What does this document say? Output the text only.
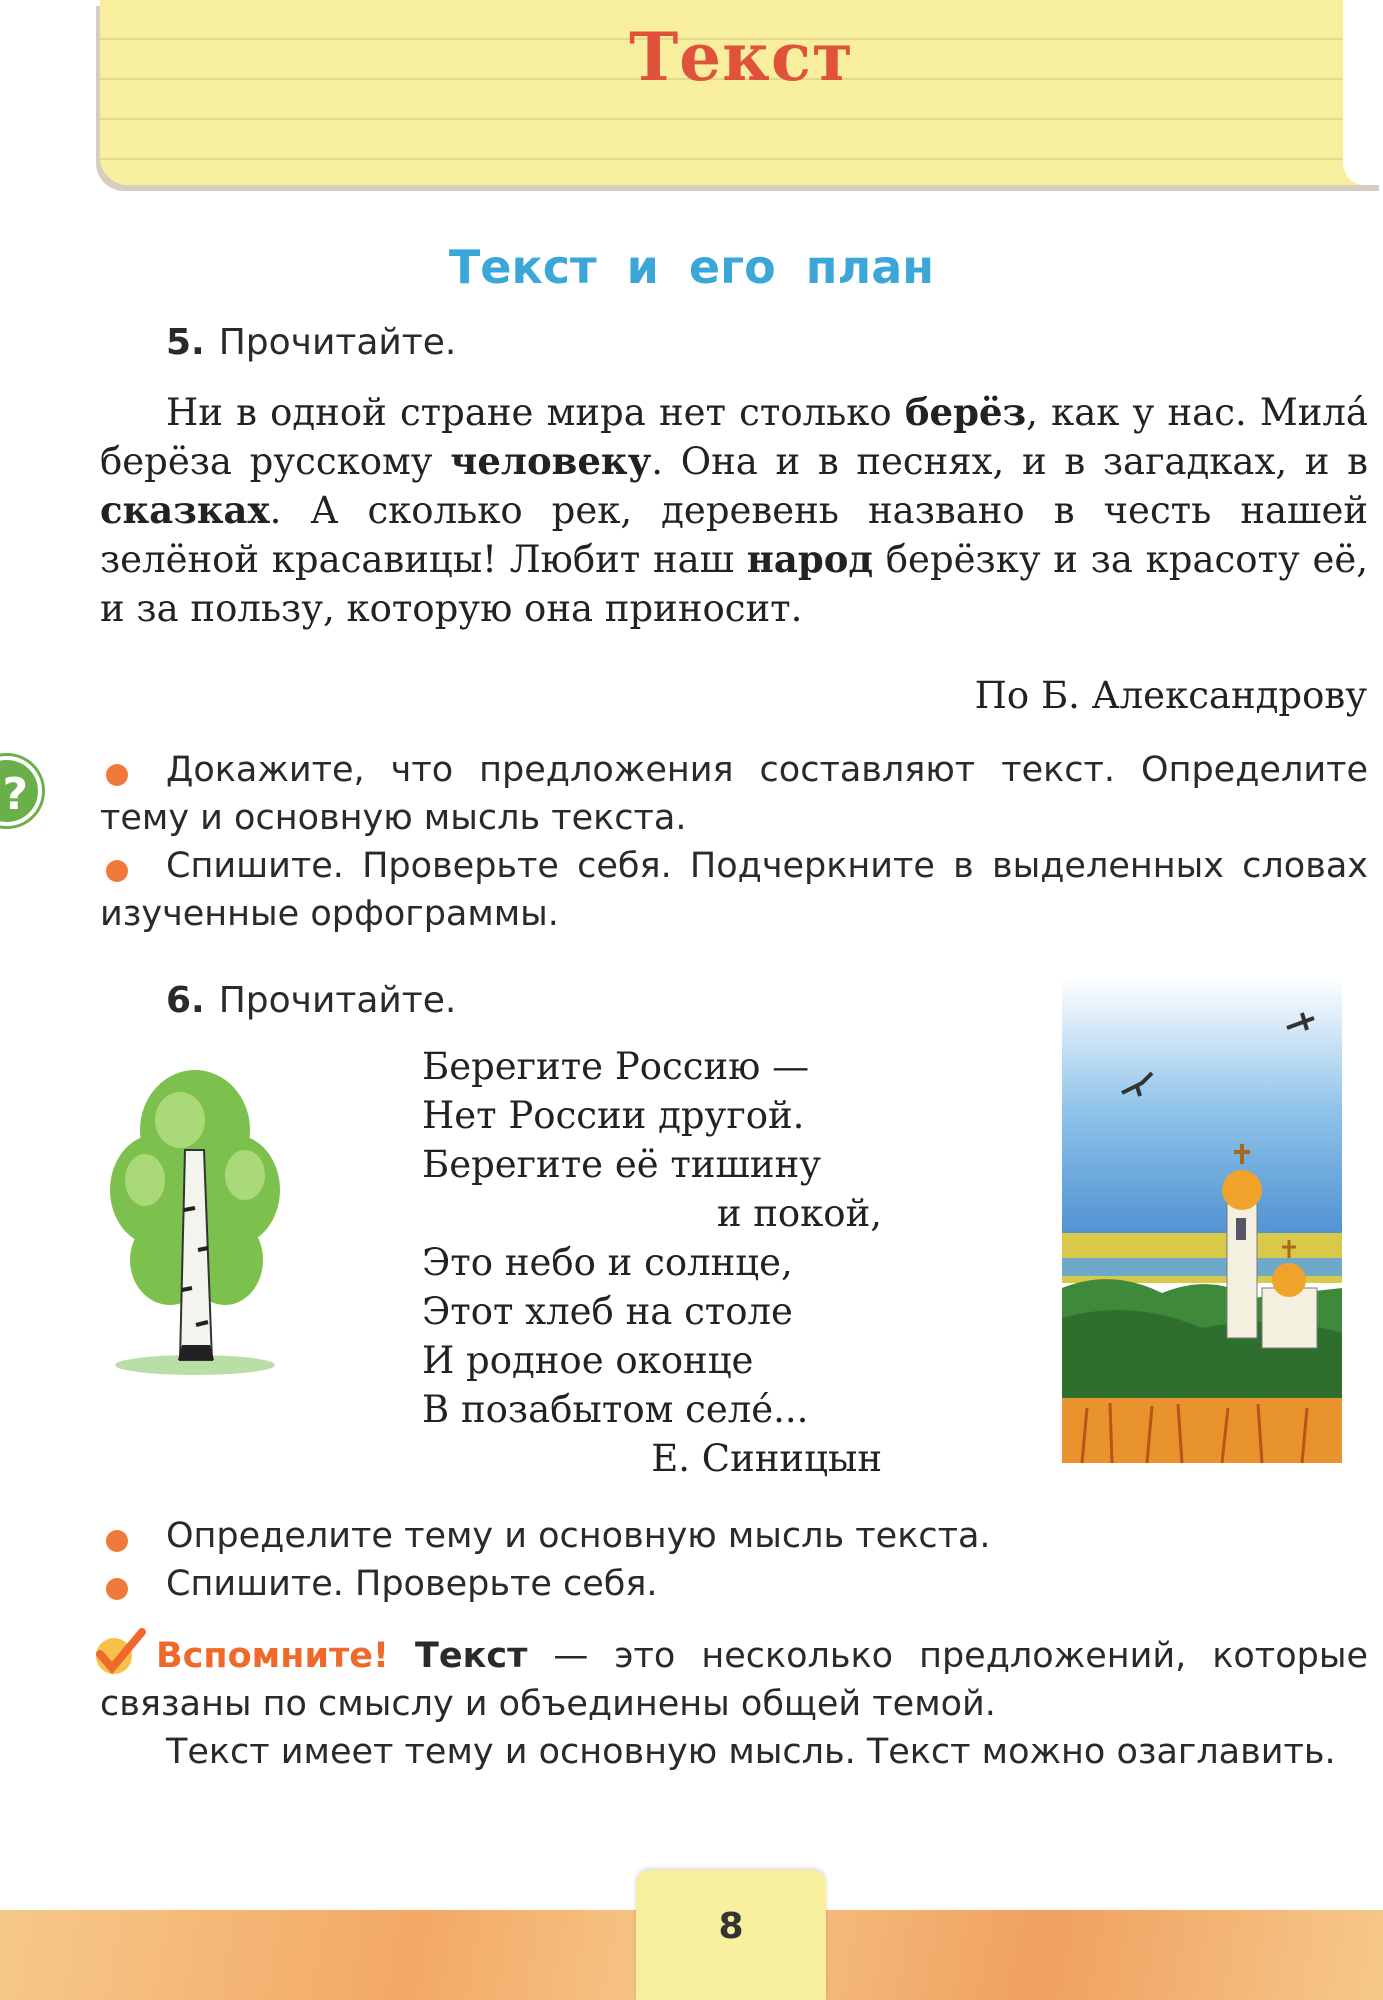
Текст
Текст и его план
?
5. Прочитайте.
Ни в одной стране мира нет столько берёз, как у нас. Мила́ берёза русскому человеку. Она и в песнях, и в загадках, и в сказках. А сколько рек, деревень названо в честь нашей зелёной красавицы! Любит наш народ берёзку и за красоту её, и за пользу, которую она приносит.
По Б. Александрову
Докажите, что предложения составляют текст. Определите тему и основную мысль текста.
Спишите. Проверьте себя. Подчеркните в выделенных словах изученные орфограммы.
6. Прочитайте.
Берегите Россию —
Нет России другой.
Берегите её тишину
и покой,
Это небо и солнце,
Этот хлеб на столе
И родное оконце
В позабытом селе́...
Е. Синицын
Определите тему и основную мысль текста.
Спишите. Проверьте себя.
Вспомните! Текст — это несколько предложений, которые связаны по смыслу и объединены общей темой.
Текст имеет тему и основную мысль. Текст можно озаглавить.
8
